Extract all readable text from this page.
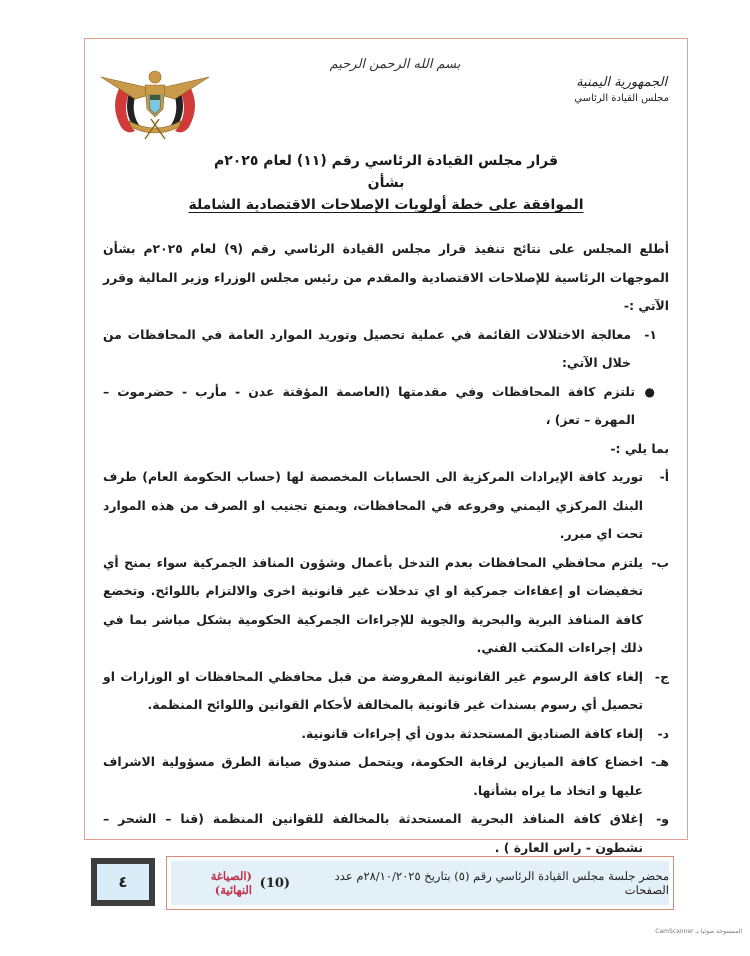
بسم الله الرحمن الرحيم
الجمهورية اليمنية
مجلس القيادة الرئاسي
قرار مجلس القيادة الرئاسي رقم (١١) لعام ٢٠٢٥م
بشأن
الموافقة على خطة أولويات الإصلاحات الاقتصادية الشاملة

أطلع المجلس على نتائج تنفيذ قرار مجلس القيادة الرئاسي رقم (٩) لعام ٢٠٢٥م بشأن الموجهات الرئاسية للإصلاحات الاقتصادية والمقدم من رئيس مجلس الوزراء وزير المالية وقرر الآتي :-

١-
معالجة الاختلالات القائمة في عملية تحصيل وتوريد الموارد العامة في المحافظات من خلال الآتي:
●
تلتزم كافة المحافظات وفي مقدمتها (العاصمة المؤقتة عدن - مأرب - حضرموت – المهرة – تعز) ،

بما يلي :-

أ-
توريد كافة الإيرادات المركزية الى الحسابات المخصصة لها (حساب الحكومة العام) طرف البنك المركزي اليمني وفروعه في المحافظات، ويمنع تجنيب او الصرف من هذه الموارد تحت اي مبرر.
ب-
يلتزم محافظي المحافظات بعدم التدخل بأعمال وشؤون المنافذ الجمركية سواء بمنح أي تخفيضات او إعفاءات جمركية او اي تدخلات غير قانونية اخرى والالتزام باللوائح. وتخضع كافة المنافذ البرية والبحرية والجوية للإجراءات الجمركية الحكومية بشكل مباشر بما في ذلك إجراءات المكتب الفني.
ج-
إلغاء كافة الرسوم غير القانونية المفروضة من قبل محافظي المحافظات او الوزارات او تحصيل أي رسوم بسندات غير قانونية بالمخالفة لأحكام القوانين واللوائح المنظمة.
د-
إلغاء كافة الصناديق المستحدثة بدون أي إجراءات قانونية.
هـ-
اخضاع كافة الميازين لرقابة الحكومة، ويتحمل صندوق صيانة الطرق مسؤولية الاشراف عليها و اتخاذ ما يراه بشأنها.
و-
إغلاق كافة المنافذ البحرية المستحدثة بالمخالفة للقوانين المنظمة (قنا – الشحر – نشطون - راس العارة ) .
٤	محضر جلسة مجلس القيادة الرئاسي رقم (٥) بتاريخ ٢٨/١٠/٢٠٢٥م عدد الصفحات

(10)

(الصياغة النهائية)
الممسوحة ضوئيا بـ CamScanner
